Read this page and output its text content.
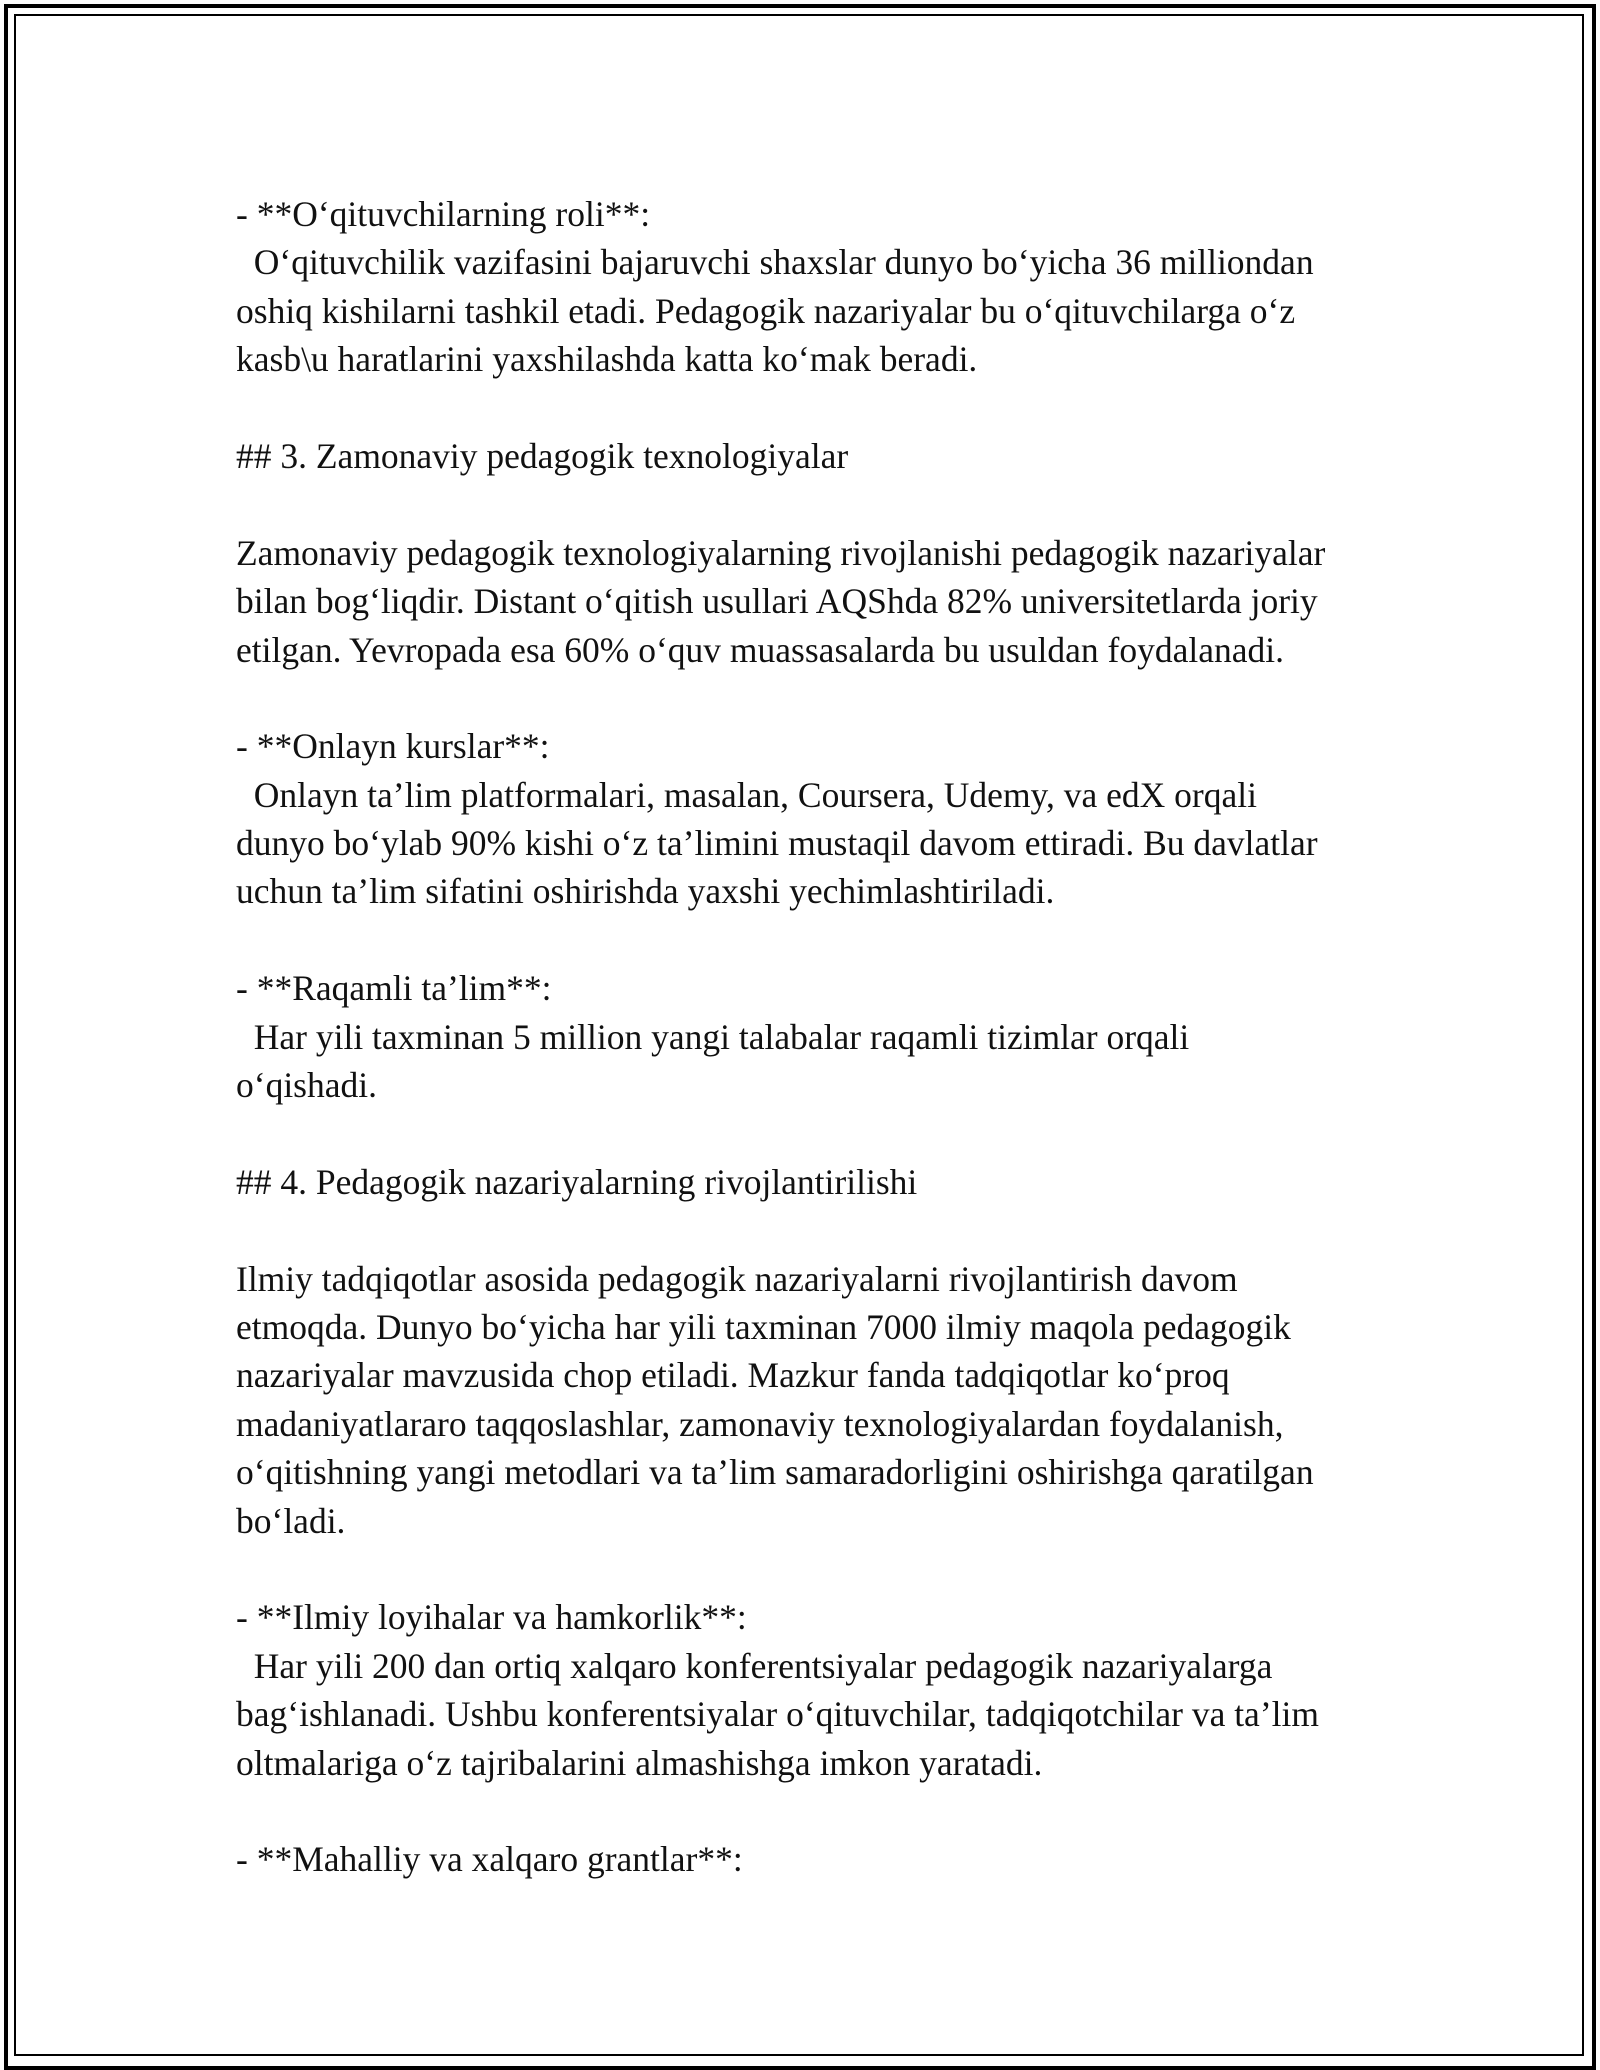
- **O‘qituvchilarning roli**:
O‘qituvchilik vazifasini bajaruvchi shaxslar dunyo bo‘yicha 36 milliondan
oshiq kishilarni tashkil etadi. Pedagogik nazariyalar bu o‘qituvchilarga o‘z
kasb\u haratlarini yaxshilashda katta ko‘mak beradi.
## 3. Zamonaviy pedagogik texnologiyalar
Zamonaviy pedagogik texnologiyalarning rivojlanishi pedagogik nazariyalar
bilan bog‘liqdir. Distant o‘qitish usullari AQShda 82% universitetlarda joriy
etilgan. Yevropada esa 60% o‘quv muassasalarda bu usuldan foydalanadi.
- **Onlayn kurslar**:
Onlayn ta’lim platformalari, masalan, Coursera, Udemy, va edX orqali
dunyo bo‘ylab 90% kishi o‘z ta’limini mustaqil davom ettiradi. Bu davlatlar
uchun ta’lim sifatini oshirishda yaxshi yechimlashtiriladi.
- **Raqamli ta’lim**:
Har yili taxminan 5 million yangi talabalar raqamli tizimlar orqali
o‘qishadi.
## 4. Pedagogik nazariyalarning rivojlantirilishi
Ilmiy tadqiqotlar asosida pedagogik nazariyalarni rivojlantirish davom
etmoqda. Dunyo bo‘yicha har yili taxminan 7000 ilmiy maqola pedagogik
nazariyalar mavzusida chop etiladi. Mazkur fanda tadqiqotlar ko‘proq
madaniyatlararo taqqoslashlar, zamonaviy texnologiyalardan foydalanish,
o‘qitishning yangi metodlari va ta’lim samaradorligini oshirishga qaratilgan
bo‘ladi.
- **Ilmiy loyihalar va hamkorlik**:
Har yili 200 dan ortiq xalqaro konferentsiyalar pedagogik nazariyalarga
bag‘ishlanadi. Ushbu konferentsiyalar o‘qituvchilar, tadqiqotchilar va ta’lim
oltmalariga o‘z tajribalarini almashishga imkon yaratadi.
- **Mahalliy va xalqaro grantlar**:
